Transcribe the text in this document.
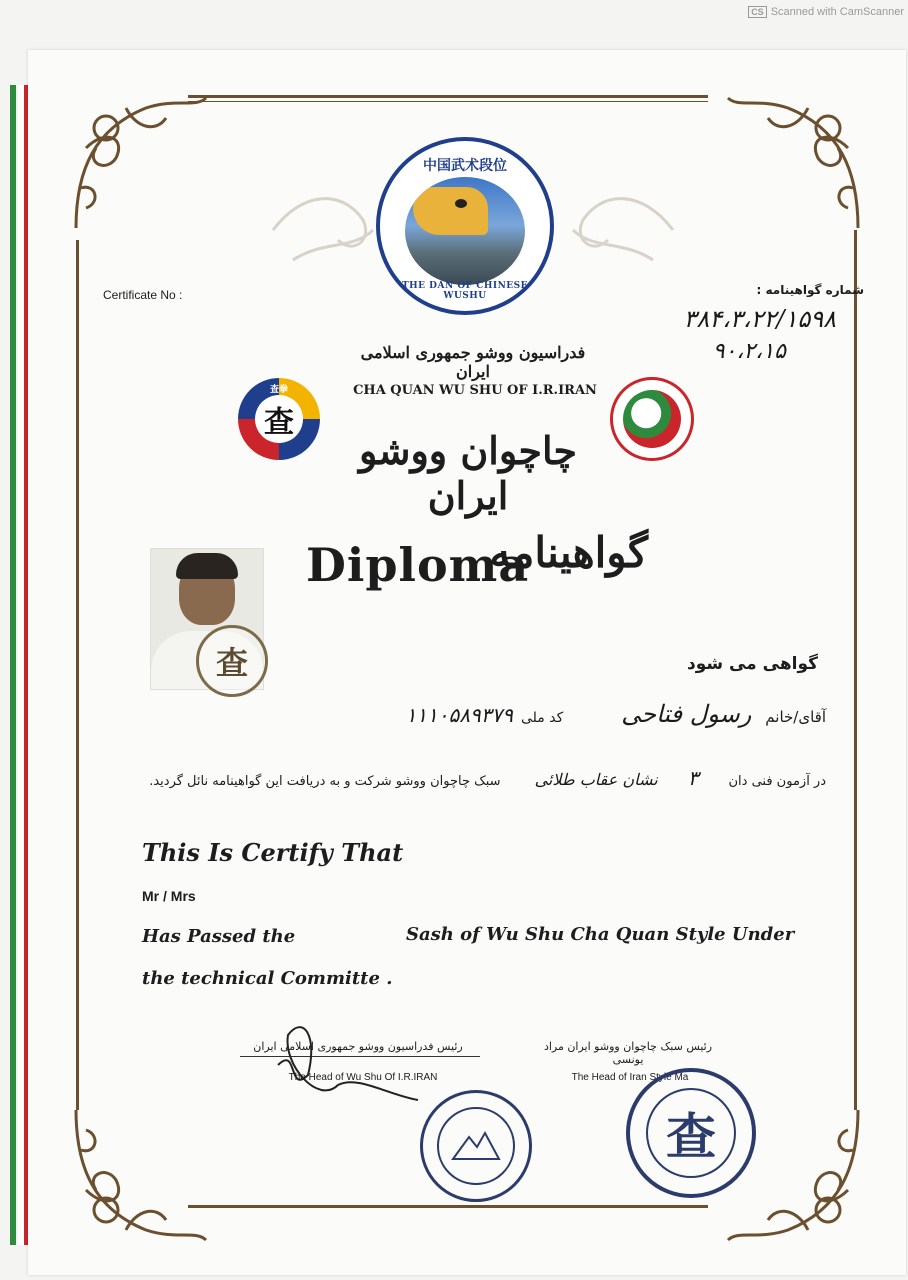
CS Scanned with CamScanner
中国武术段位
THE DAN OF CHINESE WUSHU
Certificate No :	شماره گواهینامه :
۳۸۴،۳،۲۲/۱۵۹۸
۹۰،۲،۱۵
فدراسیون ووشو جمهوری اسلامی ایران
CHA QUAN WU SHU OF I.R.IRAN
查拳
查
چاچوان ووشو ایران
Diploma
گواهینامه
查	گواهی می شود
آقای/خانم
رسول فتاحی
کد ملی
۱۱۱۰۵۸۹۳۷۹
در آزمون فنی دان
۳
نشان عقاب طلائی
سبک چاچوان ووشو شرکت و به دریافت این گواهینامه نائل گردید.
This Is Certify That
Mr / Mrs
Has Passed the	Sash of Wu Shu Cha Quan Style Under
the technical Committe .
رئیس فدراسیون ووشو جمهوری اسلامی ایران
The Head of Wu Shu Of I.R.IRAN
رئیس سبک چاچوان ووشو ایران مراد یونسی
The Head of Iran Style Ma
查
